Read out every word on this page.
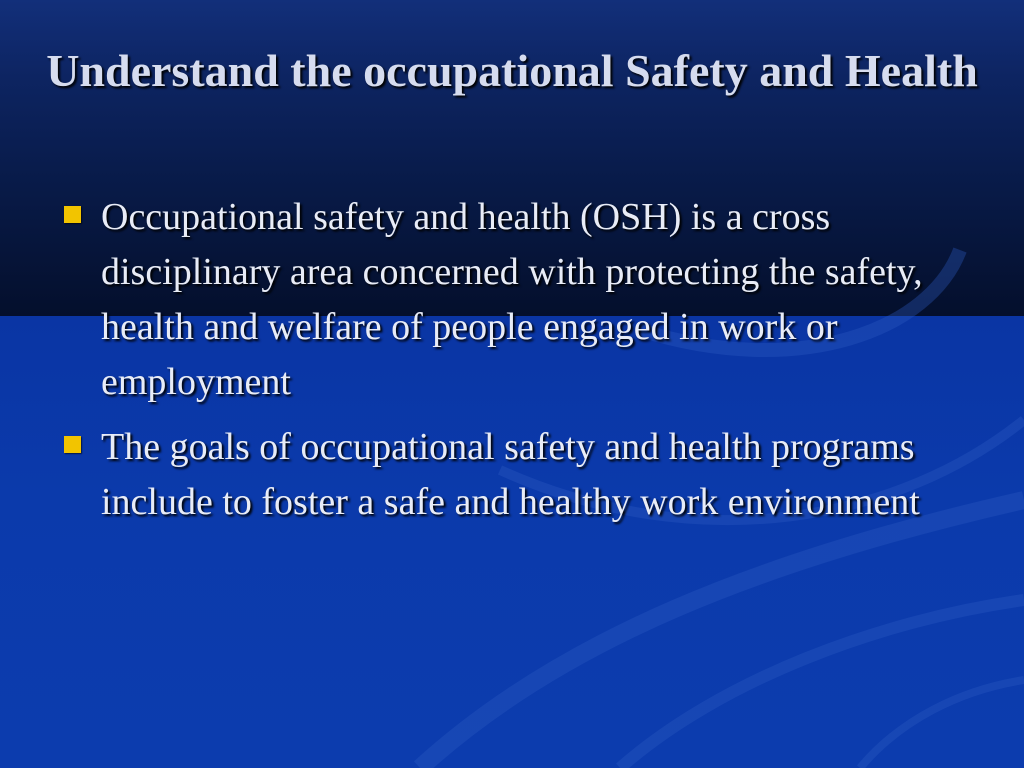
Understand the occupational Safety and Health
Occupational safety and health (OSH) is a cross disciplinary area concerned with protecting the safety, health and welfare of people engaged in work or employment
The goals of occupational safety and health programs include to foster a safe and healthy work environment
